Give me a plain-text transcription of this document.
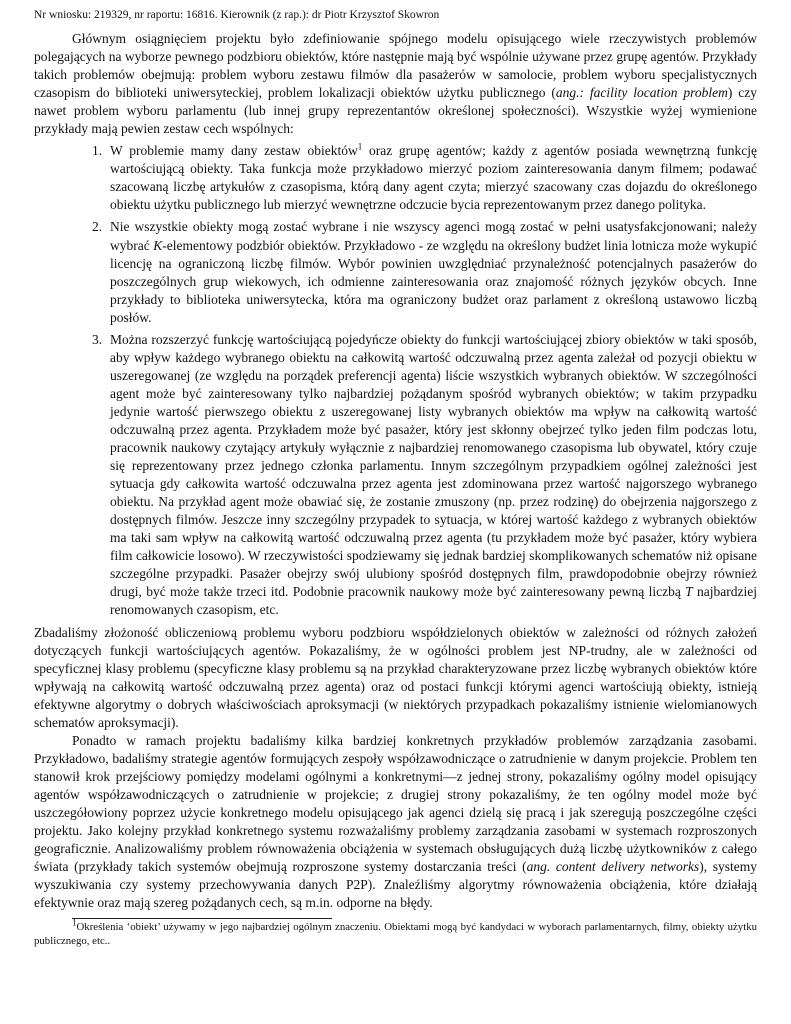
Nr wniosku: 219329, nr raportu: 16816. Kierownik (z rap.): dr Piotr Krzysztof Skowron

Głównym osiągnięciem projektu było zdefiniowanie spójnego modelu opisującego wiele rzeczywistych problemów polegających na wyborze pewnego podzbioru obiektów, które następnie mają być wspólnie używane przez grupę agentów. Przykłady takich problemów obejmują: problem wyboru zestawu filmów dla pasażerów w samolocie, problem wyboru specjalistycznych czasopism do biblioteki uniwersyteckiej, problem lokalizacji obiektów użytku publicznego (ang.: facility location problem) czy nawet problem wyboru parlamentu (lub innej grupy reprezentantów określonej społeczności). Wszystkie wyżej wymienione przykłady mają pewien zestaw cech wspólnych:

1. W problemie mamy dany zestaw obiektów$^1$ oraz grupę agentów; każdy z agentów posiada wewnętrzną funkcję wartościującą obiekty. Taka funkcja może przykładowo mierzyć poziom zainteresowania danym filmem; podawać szacowaną liczbę artykułów z czasopisma, którą dany agent czyta; mierzyć szacowany czas dojazdu do określonego obiektu użytku publicznego lub mierzyć wewnętrzne odczucie bycia reprezentowanym przez danego polityka.
2. Nie wszystkie obiekty mogą zostać wybrane i nie wszyscy agenci mogą zostać w pełni usatysfakcjonowani; należy wybrać K-elementowy podzbiór obiektów. Przykładowo - ze względu na określony budżet linia lotnicza może wykupić licencję na ograniczoną liczbę filmów. Wybór powinien uwzględniać przynależność potencjalnych pasażerów do poszczególnych grup wiekowych, ich odmienne zainteresowania oraz znajomość różnych języków obcych. Inne przykłady to biblioteka uniwersytecka, która ma ograniczony budżet oraz parlament z określoną ustawowo liczbą posłów.
3. Można rozszerzyć funkcję wartościującą pojedyńcze obiekty do funkcji wartościującej zbiory obiektów w taki sposób, aby wpływ każdego wybranego obiektu na całkowitą wartość odczuwalną przez agenta zależał od pozycji obiektu w uszeregowanej (ze względu na porządek preferencji agenta) liście wszystkich wybranych obiektów. W szczególności agent może być zainteresowany tylko najbardziej pożądanym spośród wybranych obiektów; w takim przypadku jedynie wartość pierwszego obiektu z uszeregowanej listy wybranych obiektów ma wpływ na całkowitą wartość odczuwalną przez agenta. Przykładem może być pasażer, który jest skłonny obejrzeć tylko jeden film podczas lotu, pracownik naukowy czytający artykuły wyłącznie z najbardziej renomowanego czasopisma lub obywatel, który czuje się reprezentowany przez jednego członka parlamentu. Innym szczególnym przypadkiem ogólnej zależności jest sytuacja gdy całkowita wartość odczuwalna przez agenta jest zdominowana przez wartość najgorszego wybranego obiektu. Na przykład agent może obawiać się, że zostanie zmuszony (np. przez rodzinę) do obejrzenia najgorszego z dostępnych filmów. Jeszcze inny szczególny przypadek to sytuacja, w której wartość każdego z wybranych obiektów ma taki sam wpływ na całkowitą wartość odczuwalną przez agenta (tu przykładem może być pasażer, który wybiera film całkowicie losowo). W rzeczywistości spodziewamy się jednak bardziej skomplikowanych schematów niż opisane szczególne przypadki. Pasażer obejrzy swój ulubiony spośród dostępnych film, prawdopodobnie obejrzy również drugi, być może także trzeci itd. Podobnie pracownik naukowy może być zainteresowany pewną liczbą T najbardziej renomowanych czasopism, etc.

Zbadaliśmy złożoność obliczeniową problemu wyboru podzbioru współdzielonych obiektów w zależności od różnych założeń dotyczących funkcji wartościujących agentów. Pokazaliśmy, że w ogólności problem jest NP-trudny, ale w zależności od specyficznej klasy problemu (specyficzne klasy problemu są na przykład charakteryzowane przez liczbę wybranych obiektów które wpływają na całkowitą wartość odczuwalną przez agenta) oraz od postaci funkcji którymi agenci wartościują obiekty, istnieją efektywne algorytmy o dobrych właściwościach aproksymacji (w niektórych przypadkach pokazaliśmy istnienie wielomianowych schematów aproksymacji).

Ponadto w ramach projektu badaliśmy kilka bardziej konkretnych przykładów problemów zarządzania zasobami. Przykładowo, badaliśmy strategie agentów formujących zespoły współzawodniczące o zatrudnienie w danym projekcie. Problem ten stanowił krok przejściowy pomiędzy modelami ogólnymi a konkretnymi—z jednej strony, pokazaliśmy ogólny model opisujący agentów współzawodniczących o zatrudnienie w projekcie; z drugiej strony pokazaliśmy, że ten ogólny model może być uszczegółowiony poprzez użycie konkretnego modelu opisującego jak agenci dzielą się pracą i jak szeregują poszczególne części projektu. Jako kolejny przykład konkretnego systemu rozważaliśmy problemy zarządzania zasobami w systemach rozproszonych geograficznie. Analizowaliśmy problem równoważenia obciążenia w systemach obsługujących dużą liczbę użytkowników z całego świata (przykłady takich systemów obejmują rozproszone systemy dostarczania treści (ang. content delivery networks), systemy wyszukiwania czy systemy przechowywania danych P2P). Znaleźliśmy algorytmy równoważenia obciążenia, które działają efektywnie oraz mają szereg pożądanych cech, są m.in. odporne na błędy.

$^1$Określenia ‘obiekt’ używamy w jego najbardziej ogólnym znaczeniu. Obiektami mogą być kandydaci w wyborach parlamentarnych, filmy, obiekty użytku publicznego, etc..
